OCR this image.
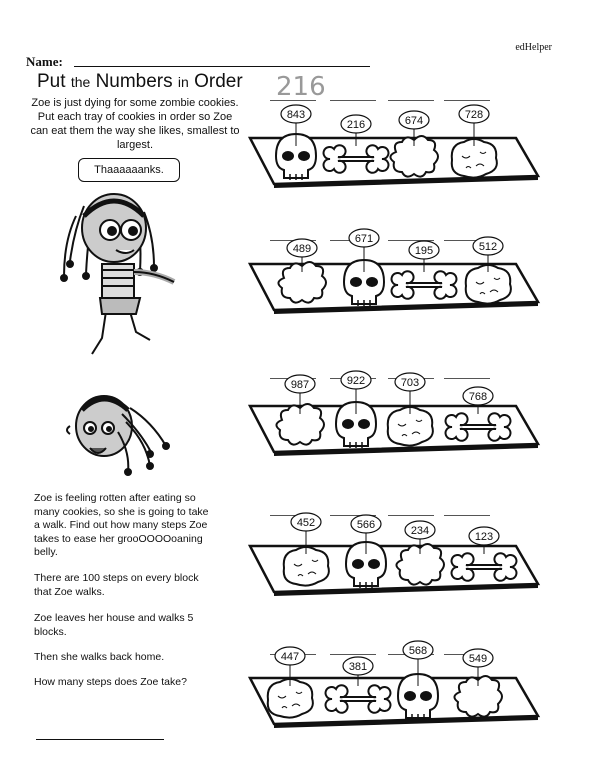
edHelper
Name:
Put the Numbers in Order
Zoe is just dying for some zombie cookies. Put each tray of cookies in order so Zoe can eat them the way she likes, smallest to largest.
Thaaaaaanks.
Zoe is feeling rotten after eating so many cookies, so she is going to take a walk. Find out how many steps Zoe takes to ease her grooOOOOoaning belly.
There are 100 steps on every block that Zoe walks.
Zoe leaves her house and walks 5 blocks.
Then she walks back home.
How many steps does Zoe take?
843
216	674	728
489
671
195	512
987	922	703
768
452	566	234	123
447
381
568
549
216
